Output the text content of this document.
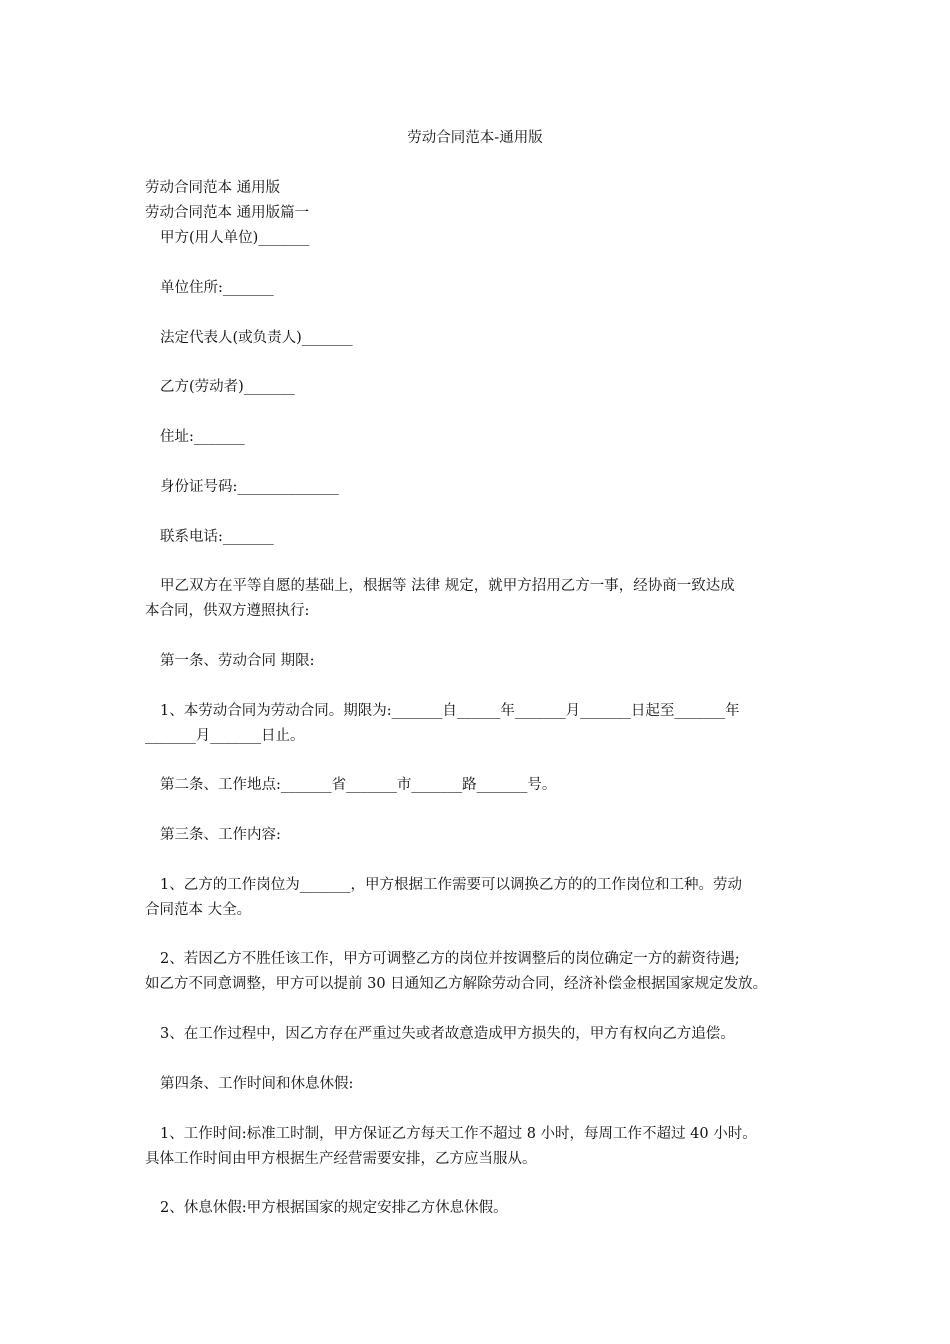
劳动合同范本-通用版
劳动合同范本 通用版
劳动合同范本 通用版篇一
甲方(用人单位)_______
单位住所:_______
法定代表人(或负责人)_______
乙方(劳动者)_______
住址:_______
身份证号码:______________
联系电话:_______
甲乙双方在平等自愿的基础上，根据等 法律 规定，就甲方招用乙方一事，经协商一致达成
本合同，供双方遵照执行:
第一条、劳动合同 期限:
1、本劳动合同为劳动合同。期限为:_______自______年_______月_______日起至_______年
_______月_______日止。
第二条、工作地点:_______省_______市_______路_______号。
第三条、工作内容:
1、乙方的工作岗位为_______，甲方根据工作需要可以调换乙方的的工作岗位和工种。劳动
合同范本 大全。
2、若因乙方不胜任该工作，甲方可调整乙方的岗位并按调整后的岗位确定一方的薪资待遇;
如乙方不同意调整，甲方可以提前 30 日通知乙方解除劳动合同，经济补偿金根据国家规定发放。
3、在工作过程中，因乙方存在严重过失或者故意造成甲方损失的，甲方有权向乙方追偿。
第四条、工作时间和休息休假:
1、工作时间:标准工时制，甲方保证乙方每天工作不超过 8 小时，每周工作不超过 40 小时。
具体工作时间由甲方根据生产经营需要安排，乙方应当服从。
2、休息休假:甲方根据国家的规定安排乙方休息休假。
